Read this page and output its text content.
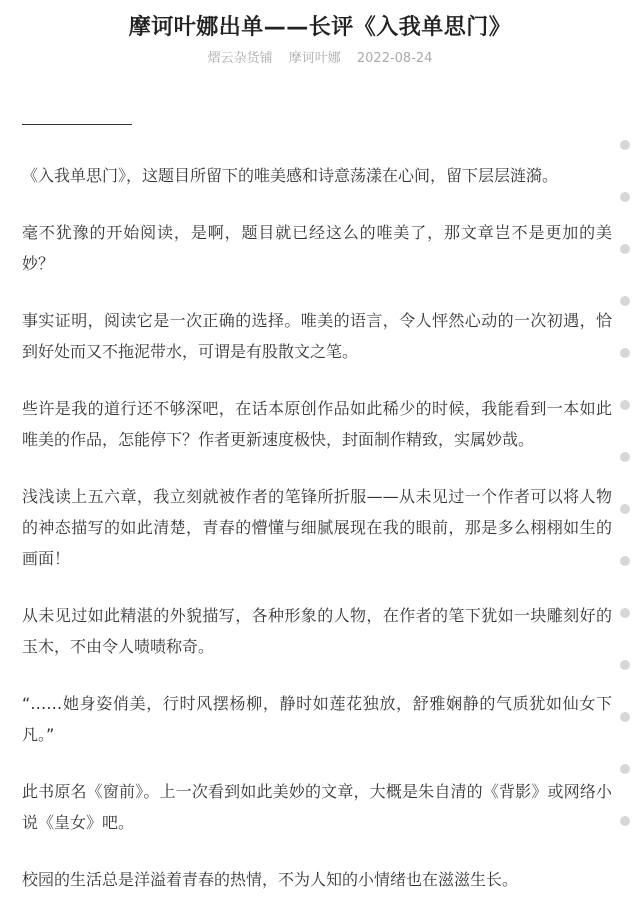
摩诃叶娜出单——长评《入我单思门》
熠云杂货铺 摩诃叶娜 2022-08-24

《入我单思门》，这题目所留下的唯美感和诗意荡漾在心间，留下层层涟漪。

毫不犹豫的开始阅读，是啊，题目就已经这么的唯美了，那文章岂不是更加的美妙？

事实证明，阅读它是一次正确的选择。唯美的语言，令人怦然心动的一次初遇，恰到好处而又不拖泥带水，可谓是有股散文之笔。

些许是我的道行还不够深吧，在话本原创作品如此稀少的时候，我能看到一本如此唯美的作品，怎能停下？作者更新速度极快，封面制作精致，实属妙哉。

浅浅读上五六章，我立刻就被作者的笔锋所折服——从未见过一个作者可以将人物的神态描写的如此清楚，青春的懵懂与细腻展现在我的眼前，那是多么栩栩如生的画面！

从未见过如此精湛的外貌描写，各种形象的人物，在作者的笔下犹如一块雕刻好的玉木，不由令人啧啧称奇。

“……她身姿俏美，行时风摆杨柳，静时如莲花独放，舒雅娴静的气质犹如仙女下凡。”

此书原名《窗前》。上一次看到如此美妙的文章，大概是朱自清的《背影》或网络小说《皇女》吧。

校园的生活总是洋溢着青春的热情，不为人知的小情绪也在滋滋生长。
